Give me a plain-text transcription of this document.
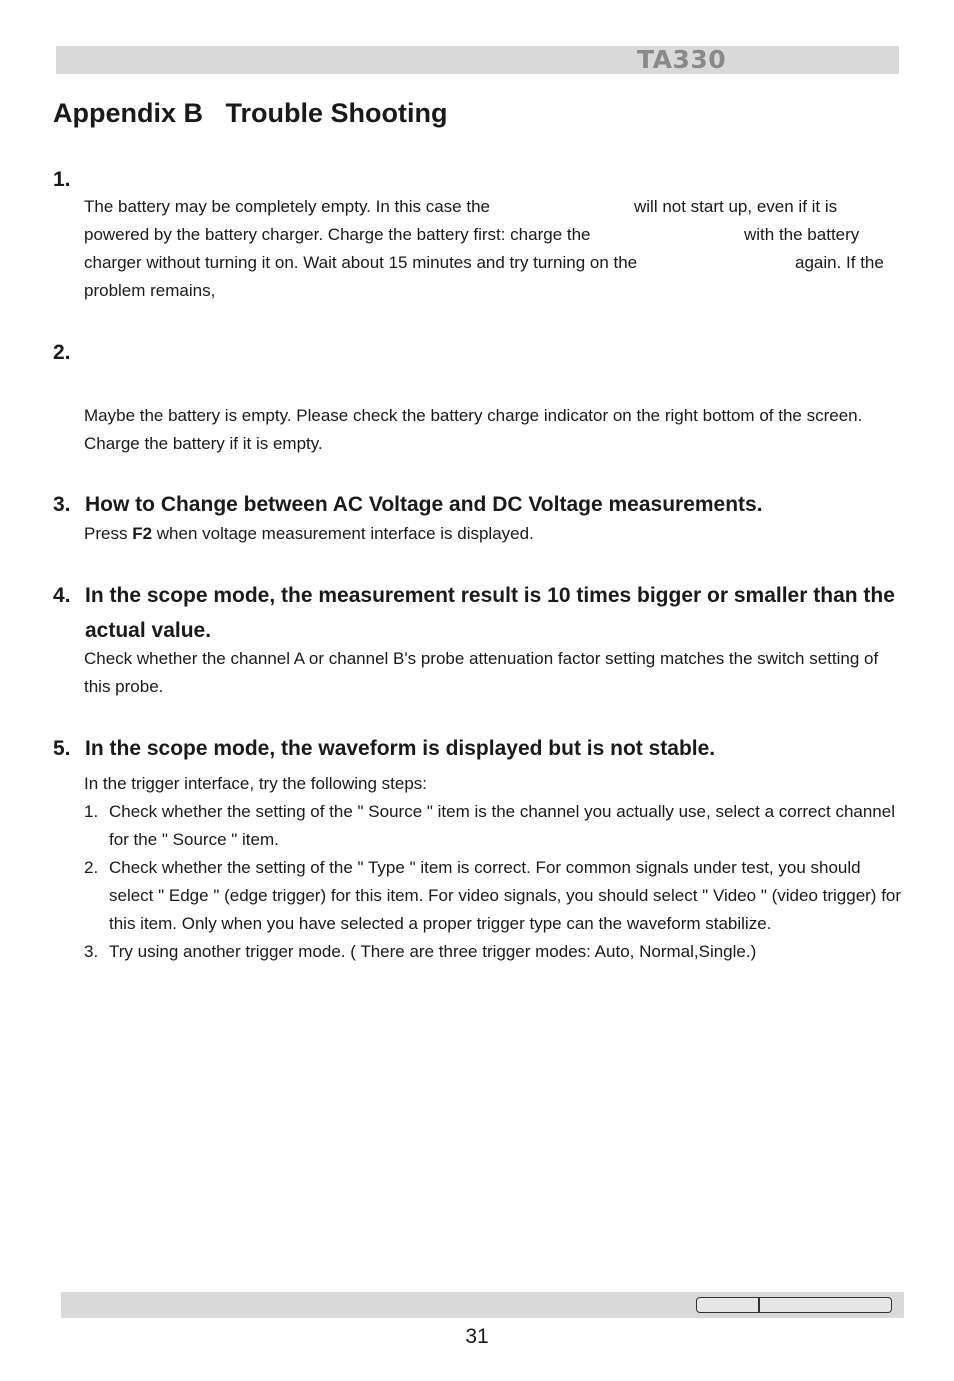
TA330
Appendix B   Trouble Shooting
1.
The battery may be completely empty. In this case the	will not start up, even if it is
powered by the battery charger. Charge the battery first: charge the	with the battery
charger without turning it on. Wait about 15 minutes and try turning on the	again. If the
problem remains,
2.

Maybe the battery is empty. Please check the battery charge indicator on the right bottom of the screen. Charge the battery if it is empty.

3. How to Change between AC Voltage and DC Voltage measurements.

Press F2 when voltage measurement interface is displayed.

4. In the scope mode, the measurement result is 10 times bigger or smaller than the actual value.

Check whether the channel A or channel B's probe attenuation factor setting matches the switch setting of this probe.

5. In the scope mode, the waveform is displayed but is not stable.

In the trigger interface, try the following steps:

1. Check whether the setting of the " Source " item is the channel you actually use, select a correct channel for the " Source " item.
2. Check whether the setting of the " Type " item is correct. For common signals under test, you should select " Edge " (edge trigger) for this item. For video signals, you should select " Video " (video trigger) for this item. Only when you have selected a proper trigger type can the waveform stabilize.
3. Try using another trigger mode. ( There are three trigger modes: Auto, Normal,Single.)
31
